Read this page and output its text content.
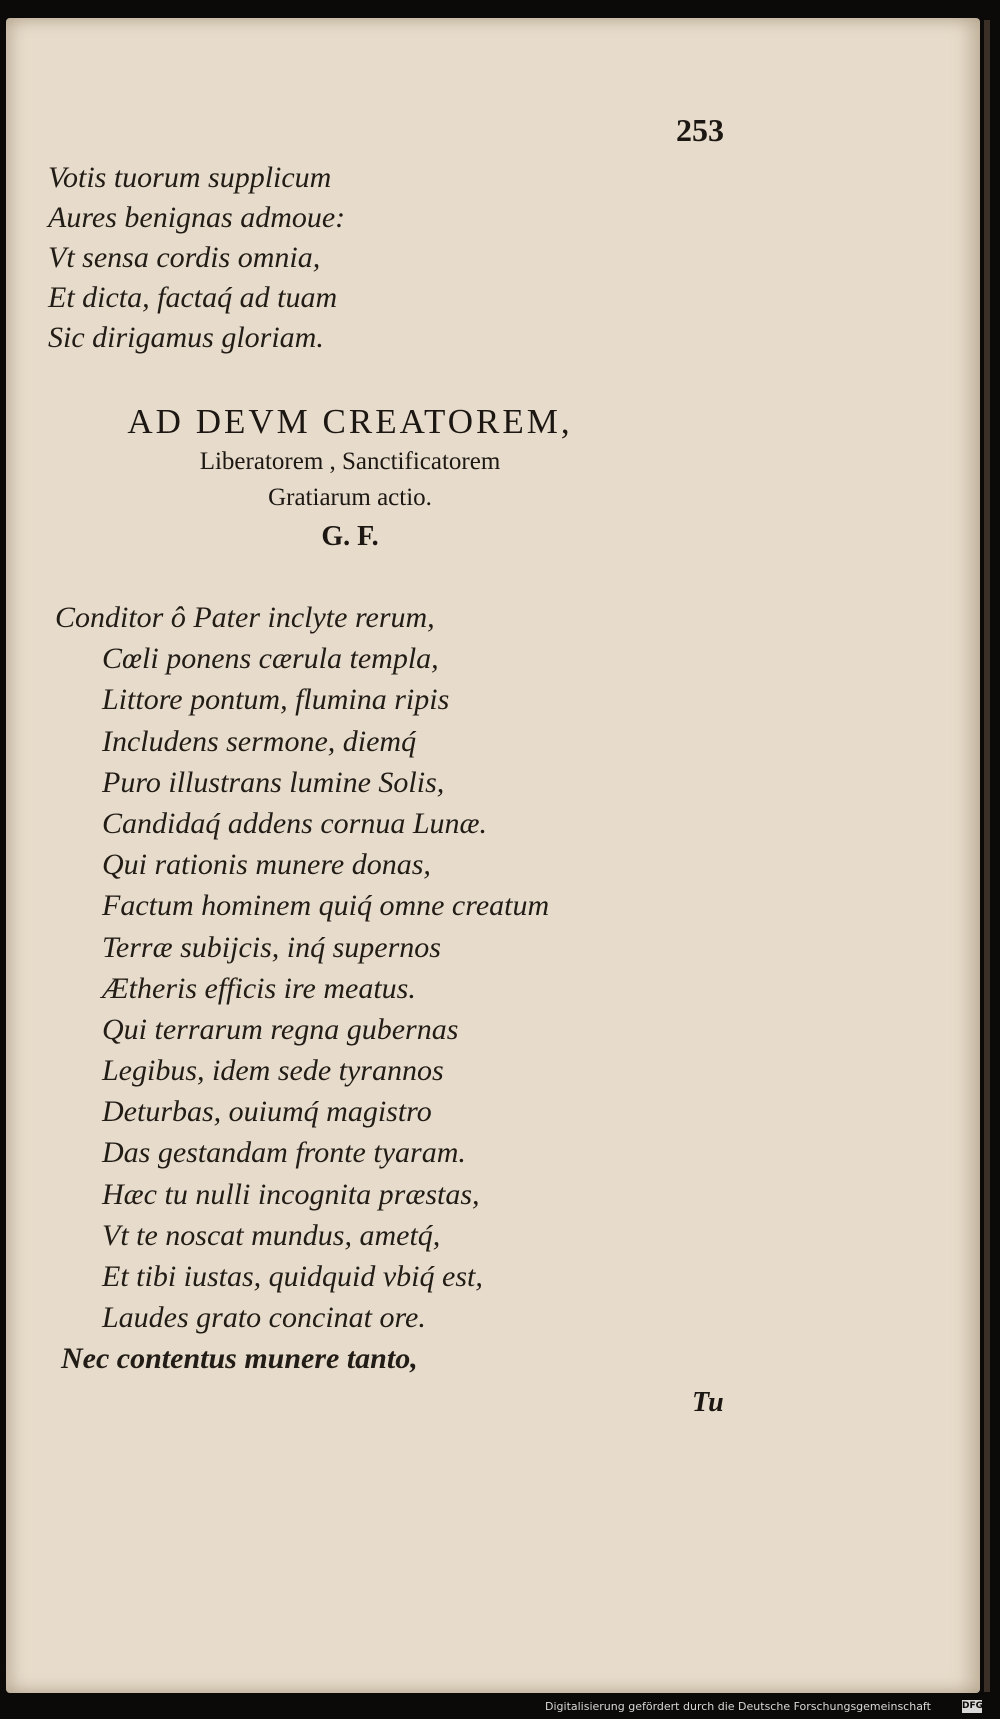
253
Votis tuorum supplicum
Aures benignas admoue:
Vt sensa cordis omnia,
Et dicta, factaq́ ad tuam
Sic dirigamus gloriam.
AD DEVM CREATOREM,
Liberatorem , Sanctificatorem
Gratiarum actio.
G. F.
Conditor ô Pater inclyte rerum,
Cœli ponens cærula templa,
Littore pontum, flumina ripis
Includens sermone, diemq́
Puro illustrans lumine Solis,
Candidaq́ addens cornua Lunæ.
Qui rationis munere donas,
Factum hominem quiq́ omne creatum
Terræ subijcis, inq́ supernos
Ætheris efficis ire meatus.
Qui terrarum regna gubernas
Legibus, idem sede tyrannos
Deturbas, ouiumq́ magistro
Das gestandam fronte tyaram.
Hæc tu nulli incognita præstas,
Vt te noscat mundus, ametq́,
Et tibi iustas, quidquid vbiq́ est,
Laudes grato concinat ore.
Nec contentus munere tanto,
Tu
Digitalisierung gefördert durch die Deutsche Forschungsgemeinschaft	DFG
